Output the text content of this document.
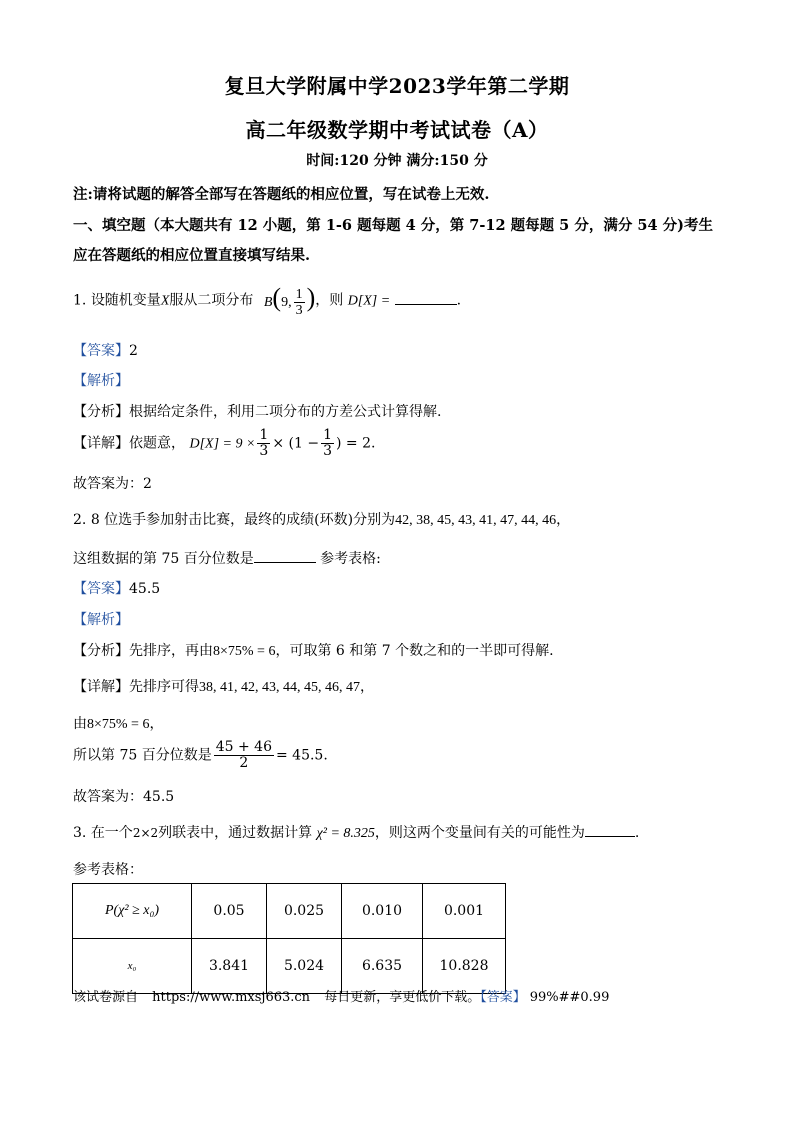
复旦大学附属中学2023学年第二学期
高二年级数学期中考试试卷（A）
时间:120 分钟 满分:150 分
注:请将试题的解答全部写在答题纸的相应位置，写在试卷上无效.
一、填空题（本大题共有 12 小题，第 1-6 题每题 4 分，第 7-12 题每题 5 分，满分 54 分)考生
应在答题纸的相应位置直接填写结果.
1. 设随机变量X服从二项分布 B(9, $\frac{1}{3}$ )，则 D[X] =	.
【答案】2
【解析】
【分析】根据给定条件，利用二项分布的方差公式计算得解.
【详解】依题意， $D[X] = 9 \times \frac{1}{3} \times (1 - \frac{1}{3}$ ) = 2.
故答案为：2
2. 8 位选手参加射击比赛，最终的成绩(环数)分别为42, 38, 45, 43, 41, 47, 44, 46，
这组数据的第 75 百分位数是	参考表格:
【答案】45.5
【解析】
【分析】先排序，再由8×75% = 6，可取第 6 和第 7 个数之和的一半即可得解.
【详解】先排序可得38, 41, 42, 43, 44, 45, 46, 47，
由8×75% = 6，
所以第 75 百分位数是 $\frac{45 + 46}{2} = 45.5$.
故答案为：45.5
3. 在一个2×2列联表中，通过数据计算 χ² = 8.325，则这两个变量间有关的可能性为	.
参考表格：
P(χ² ≥ x₀)	0.05	0.025	0.010	0.001
x₀	3.841	5.024	6.635	10.828
该试卷源自 https://www.mxsj663.cn 每日更新，享更低价下载。【答案】 99%##0.99
